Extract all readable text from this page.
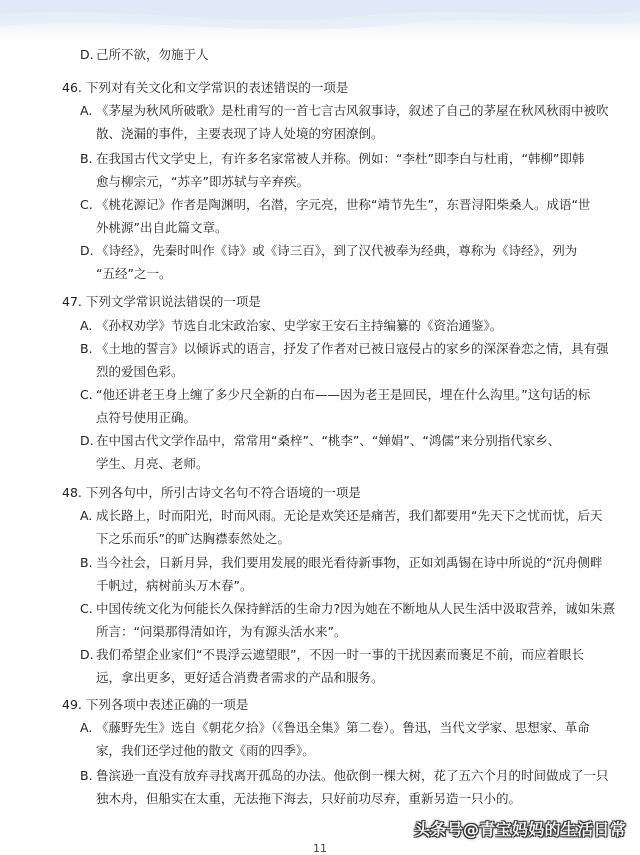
D. 己所不欲，勿施于人
46. 下列对有关文化和文学常识的表述错误的一项是
A. 《茅屋为秋风所破歌》是杜甫写的一首七言古风叙事诗，叙述了自己的茅屋在秋风秋雨中被吹
散、浇漏的事件，主要表现了诗人处境的穷困潦倒。
B. 在我国古代文学史上，有许多名家常被人并称。例如：“李杜”即李白与杜甫，“韩柳”即韩
愈与柳宗元，“苏辛”即苏轼与辛弃疾。
C. 《桃花源记》作者是陶渊明，名潜，字元亮，世称“靖节先生”，东晋浔阳柴桑人。成语“世
外桃源”出自此篇文章。
D. 《诗经》，先秦时叫作《诗》或《诗三百》，到了汉代被奉为经典，尊称为《诗经》，列为
“五经”之一。
47. 下列文学常识说法错误的一项是
A. 《孙权劝学》节选自北宋政治家、史学家王安石主持编纂的《资治通鉴》。
B. 《土地的誓言》以倾诉式的语言，抒发了作者对已被日寇侵占的家乡的深深眷恋之情，具有强
烈的爱国色彩。
C. “他还讲老王身上缠了多少尺全新的白布——因为老王是回民，埋在什么沟里。”这句话的标
点符号使用正确。
D. 在中国古代文学作品中，常常用“桑梓”、“桃李”、“婵娟”、“鸿儒”来分别指代家乡、
学生、月亮、老师。
48. 下列各句中，所引古诗文名句不符合语境的一项是
A. 成长路上，时而阳光，时而风雨。无论是欢笑还是痛苦，我们都要用“先天下之忧而忧，后天
下之乐而乐”的旷达胸襟泰然处之。
B. 当今社会，日新月异，我们要用发展的眼光看待新事物，正如刘禹锡在诗中所说的“沉舟侧畔
千帆过，病树前头万木春”。
C. 中国传统文化为何能长久保持鲜活的生命力?因为她在不断地从人民生活中汲取营养，诚如朱熹
所言：“问渠那得清如许，为有源头活水来”。
D. 我们希望企业家们“不畏浮云遮望眼”，不因一时一事的干扰因素而裹足不前，而应着眼长
远，拿出更多，更好适合消费者需求的产品和服务。
49. 下列各项中表述正确的一项是
A. 《藤野先生》选自《朝花夕拾》（《鲁迅全集》第二卷）。鲁迅，当代文学家、思想家、革命
家，我们还学过他的散文《雨的四季》。
B. 鲁滨逊一直没有放弃寻找离开孤岛的办法。他砍倒一棵大树，花了五六个月的时间做成了一只
独木舟，但船实在太重，无法拖下海去，只好前功尽弃，重新另造一只小的。
11
头条号@青宝妈妈的生活日常
